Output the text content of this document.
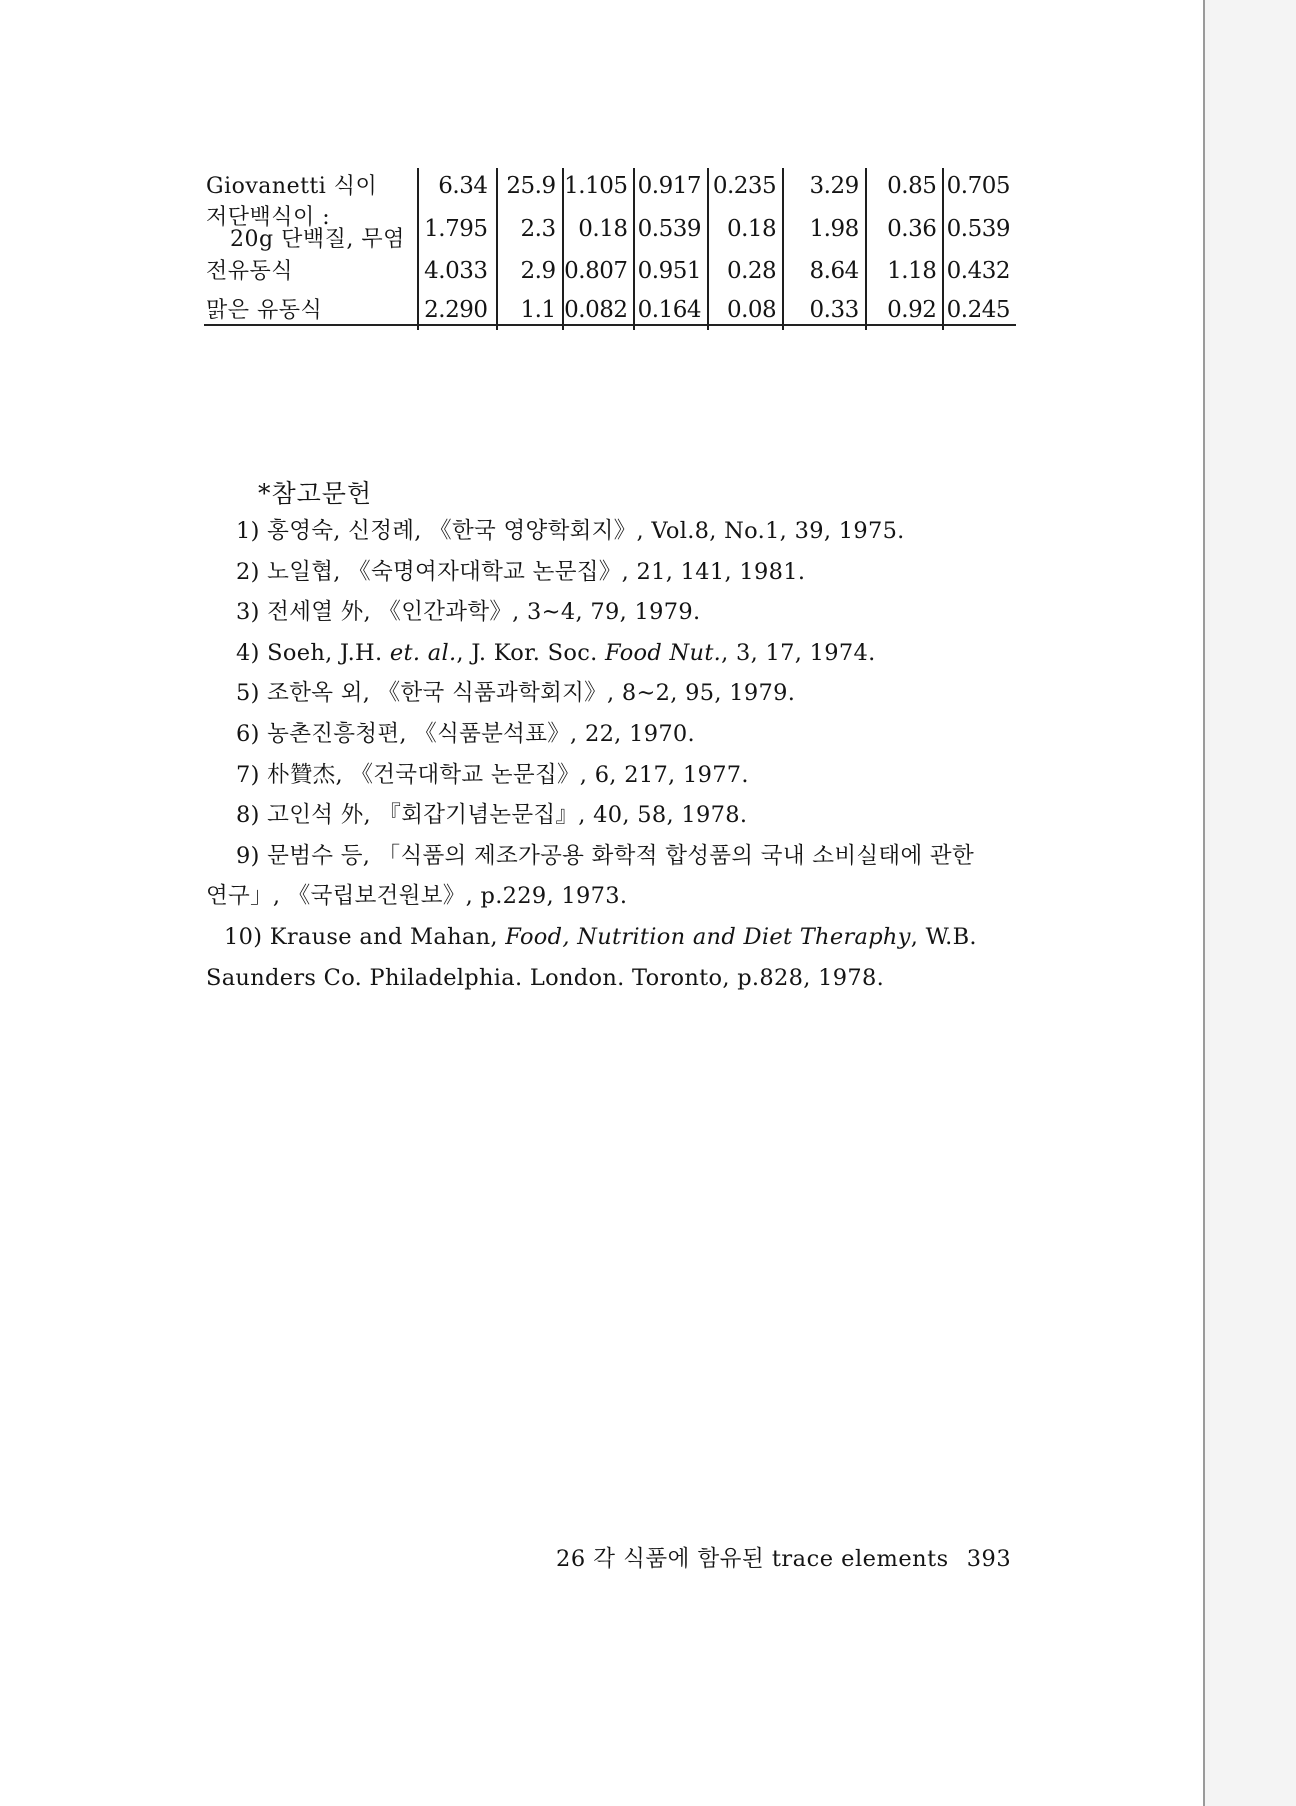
Giovanetti 식이	6.34	25.9	1.105	0.917	0.235	3.29	0.85	0.705

저단백식이 :
20g 단백질, 무염	1.795	2.3	0.18	0.539	0.18	1.98	0.36	0.539
전유동식	4.033	2.9	0.807	0.951	0.28	8.64	1.18	0.432
맑은 유동식	2.290	1.1	0.082	0.164	0.08	0.33	0.92	0.245
*참고문헌
1) 홍영숙, 신정례, 《한국 영양학회지》, Vol.8, No.1, 39, 1975.
2) 노일협, 《숙명여자대학교 논문집》, 21, 141, 1981.
3) 전세열 外, 《인간과학》, 3~4, 79, 1979.
4) Soeh, J.H. et. al., J. Kor. Soc. Food Nut., 3, 17, 1974.
5) 조한옥 외, 《한국 식품과학회지》, 8~2, 95, 1979.
6) 농촌진흥청편, 《식품분석표》, 22, 1970.
7) 朴贊杰, 《건국대학교 논문집》, 6, 217, 1977.
8) 고인석 外, 『회갑기념논문집』, 40, 58, 1978.
9) 문범수 등, 「식품의 제조가공용 화학적 합성품의 국내 소비실태에 관한
연구」, 《국립보건원보》, p.229, 1973.
10) Krause and Mahan, Food, Nutrition and Diet Theraphy, W.B.
Saunders Co. Philadelphia. London. Toronto, p.828, 1978.
26 각 식품에 함유된 trace elements 393
